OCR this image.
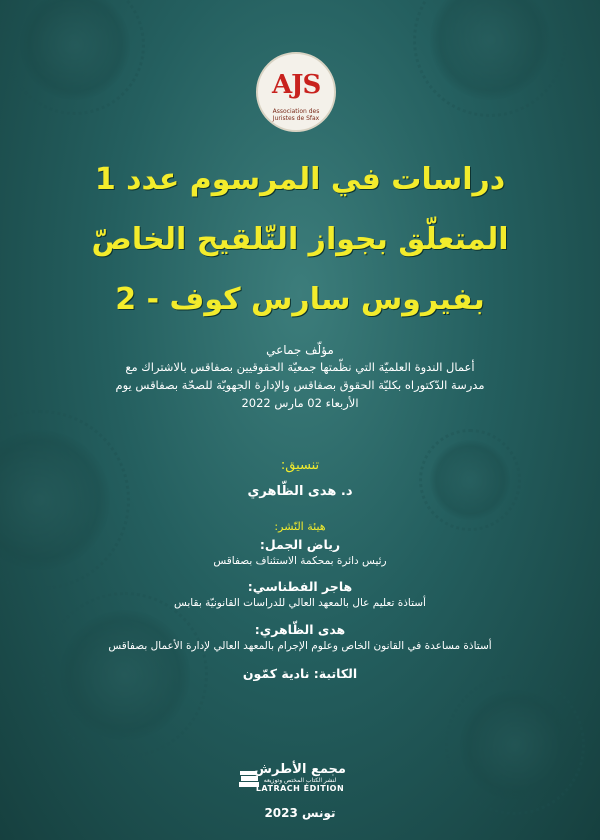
AJS
Association des Juristes de Sfax
دراسات في المرسوم عدد 1
المتعلّق بجواز التّلقيح الخاصّ
بفيروس سارس كوف - 2
مؤلّف جماعي
أعمال الندوة العلميّة التي نظّمتها جمعيّة الحقوقيين بصفاقس بالاشتراك مع
مدرسة الدّكتوراه بكليّة الحقوق بصفاقس والإدارة الجهويّة للصحّة بصفاقس يوم
الأربعاء 02 مارس 2022
تنسيق:
د. هدى الظّاهري
هيئة النّشر:
رياض الجمل:
رئيس دائرة بمحكمة الاستئناف بصفاقس
هاجر الفطناسي:
أستاذة تعليم عال بالمعهد العالي للدراسات القانونيّة بقابس
هدى الظّاهري:
أستاذة مساعدة في القانون الخاص وعلوم الإجرام بالمعهد العالي لإدارة الأعمال بصفاقس
الكاتبة: نادية كمّون
مجمع الأطرش
لنشر الكتاب المختص وتوزيعه
LATRACH ÉDITION
تونس 2023
